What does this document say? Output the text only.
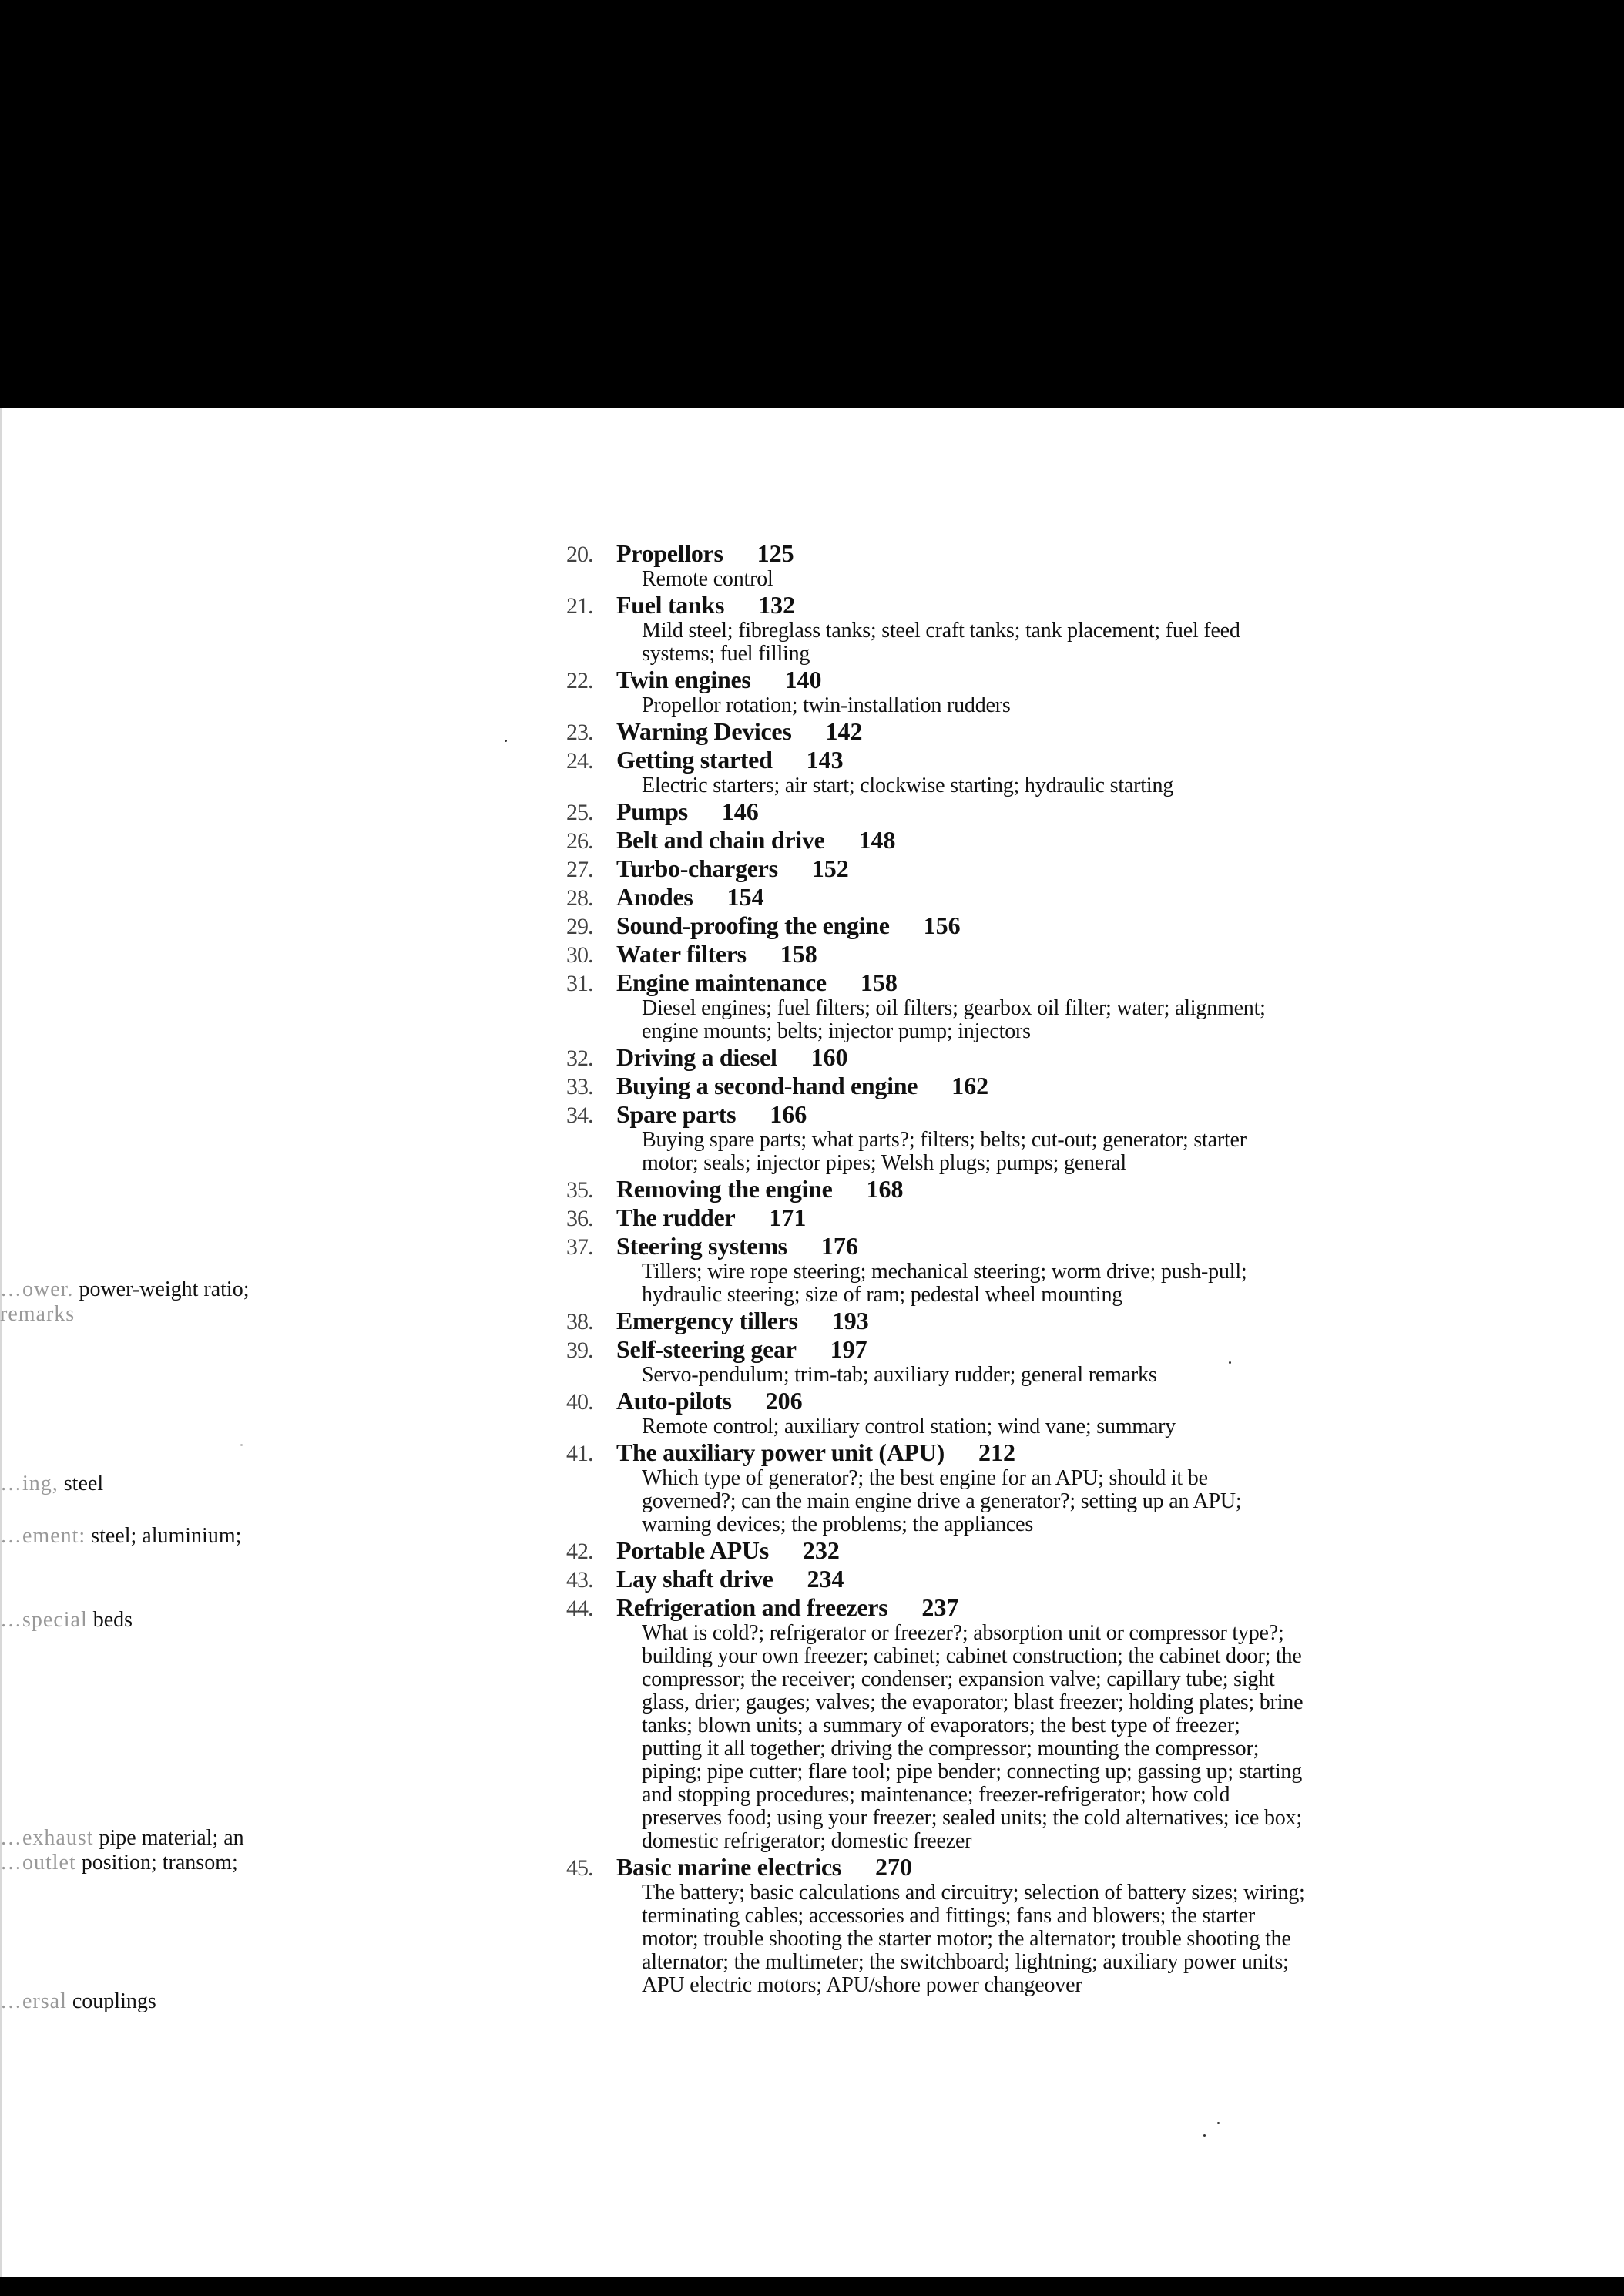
…ower. power-weight ratio;
remarks
…ing, steel
…ement: steel; aluminium;
…special beds
…exhaust pipe material; an
…outlet position; transom;
…ersal couplings
20. Propellors 125
Remote control
21. Fuel tanks 132
Mild steel; fibreglass tanks; steel craft tanks; tank placement; fuel feed
systems; fuel filling
22. Twin engines 140
Propellor rotation; twin-installation rudders
23. Warning Devices 142
24. Getting started 143
Electric starters; air start; clockwise starting; hydraulic starting
25. Pumps 146
26. Belt and chain drive 148
27. Turbo-chargers 152
28. Anodes 154
29. Sound-proofing the engine 156
30. Water filters 158
31. Engine maintenance 158
Diesel engines; fuel filters; oil filters; gearbox oil filter; water; alignment;
engine mounts; belts; injector pump; injectors
32. Driving a diesel 160
33. Buying a second-hand engine 162
34. Spare parts 166
Buying spare parts; what parts?; filters; belts; cut-out; generator; starter
motor; seals; injector pipes; Welsh plugs; pumps; general
35. Removing the engine 168
36. The rudder 171
37. Steering systems 176
Tillers; wire rope steering; mechanical steering; worm drive; push-pull;
hydraulic steering; size of ram; pedestal wheel mounting
38. Emergency tillers 193
39. Self-steering gear 197
Servo-pendulum; trim-tab; auxiliary rudder; general remarks
40. Auto-pilots 206
Remote control; auxiliary control station; wind vane; summary
41. The auxiliary power unit (APU) 212
Which type of generator?; the best engine for an APU; should it be
governed?; can the main engine drive a generator?; setting up an APU;
warning devices; the problems; the appliances
42. Portable APUs 232
43. Lay shaft drive 234
44. Refrigeration and freezers 237
What is cold?; refrigerator or freezer?; absorption unit or compressor type?;
building your own freezer; cabinet; cabinet construction; the cabinet door; the
compressor; the receiver; condenser; expansion valve; capillary tube; sight
glass, drier; gauges; valves; the evaporator; blast freezer; holding plates; brine
tanks; blown units; a summary of evaporators; the best type of freezer;
putting it all together; driving the compressor; mounting the compressor;
piping; pipe cutter; flare tool; pipe bender; connecting up; gassing up; starting
and stopping procedures; maintenance; freezer-refrigerator; how cold
preserves food; using your freezer; sealed units; the cold alternatives; ice box;
domestic refrigerator; domestic freezer
45. Basic marine electrics 270
The battery; basic calculations and circuitry; selection of battery sizes; wiring;
terminating cables; accessories and fittings; fans and blowers; the starter
motor; trouble shooting the starter motor; the alternator; trouble shooting the
alternator; the multimeter; the switchboard; lightning; auxiliary power units;
APU electric motors; APU/shore power changeover
